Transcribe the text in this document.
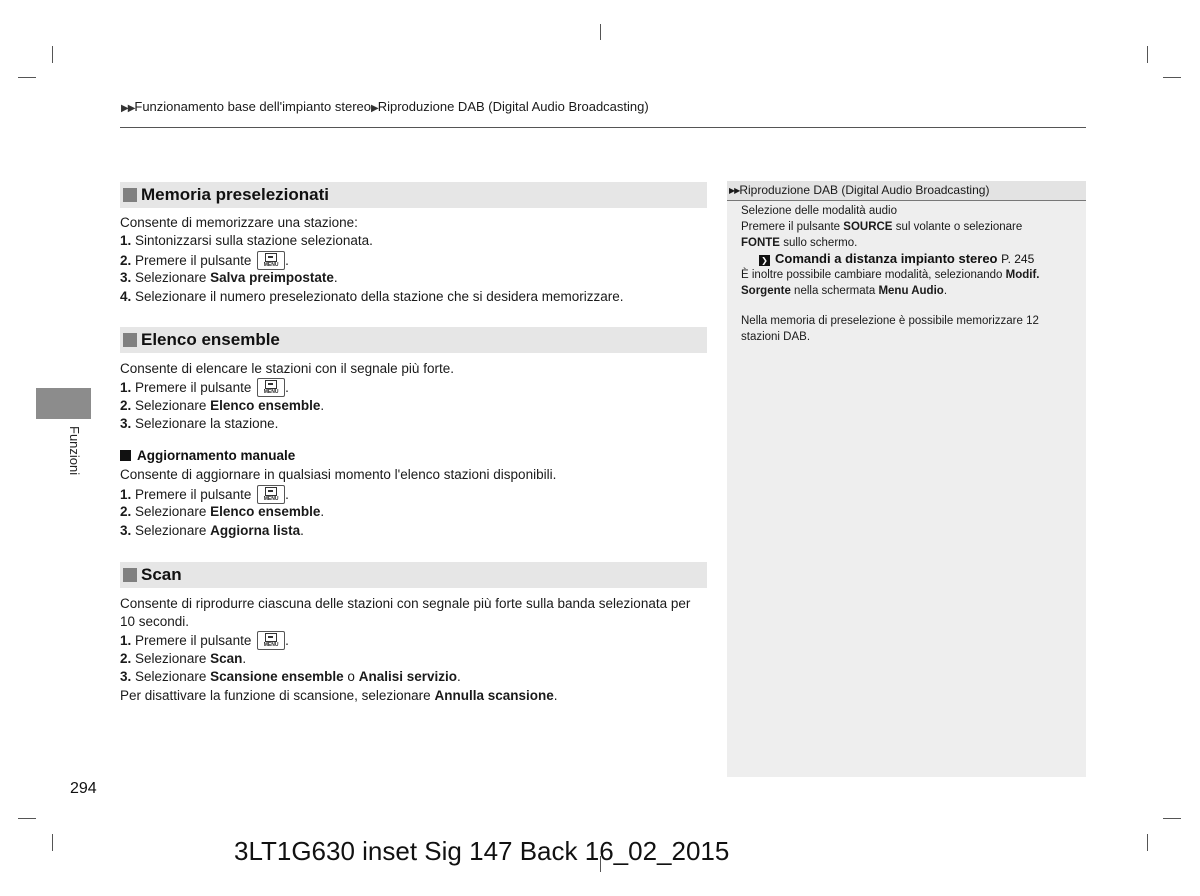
▶▶Funzionamento base dell'impianto stereo▶Riproduzione DAB (Digital Audio Broadcasting)
Funzioni
Memoria preselezionati
Consente di memorizzare una stazione:
1. Sintonizzarsi sulla stazione selezionata.
2. Premere il pulsante	MENU .
3. Selezionare Salva preimpostate.
4. Selezionare il numero preselezionato della stazione che si desidera memorizzare.
Elenco ensemble
Consente di elencare le stazioni con il segnale più forte.
1. Premere il pulsante	MENU .
2. Selezionare Elenco ensemble.
3. Selezionare la stazione.
Aggiornamento manuale
Consente di aggiornare in qualsiasi momento l'elenco stazioni disponibili.
1. Premere il pulsante	MENU .
2. Selezionare Elenco ensemble.
3. Selezionare Aggiorna lista.
Scan
Consente di riprodurre ciascuna delle stazioni con segnale più forte sulla banda selezionata per
10 secondi.
1. Premere il pulsante	MENU .
2. Selezionare Scan.
3. Selezionare Scansione ensemble o Analisi servizio.
Per disattivare la funzione di scansione, selezionare Annulla scansione.
▶▶Riproduzione DAB (Digital Audio Broadcasting)
Selezione delle modalità audio
Premere il pulsante SOURCE sul volante o selezionare
FONTE sullo schermo.
❯ Comandi a distanza impianto stereo P. 245
È inoltre possibile cambiare modalità, selezionando Modif.
Sorgente nella schermata Menu Audio.
Nella memoria di preselezione è possibile memorizzare 12
stazioni DAB.
294
3LT1G630 inset Sig 147 Back 16_02_2015
